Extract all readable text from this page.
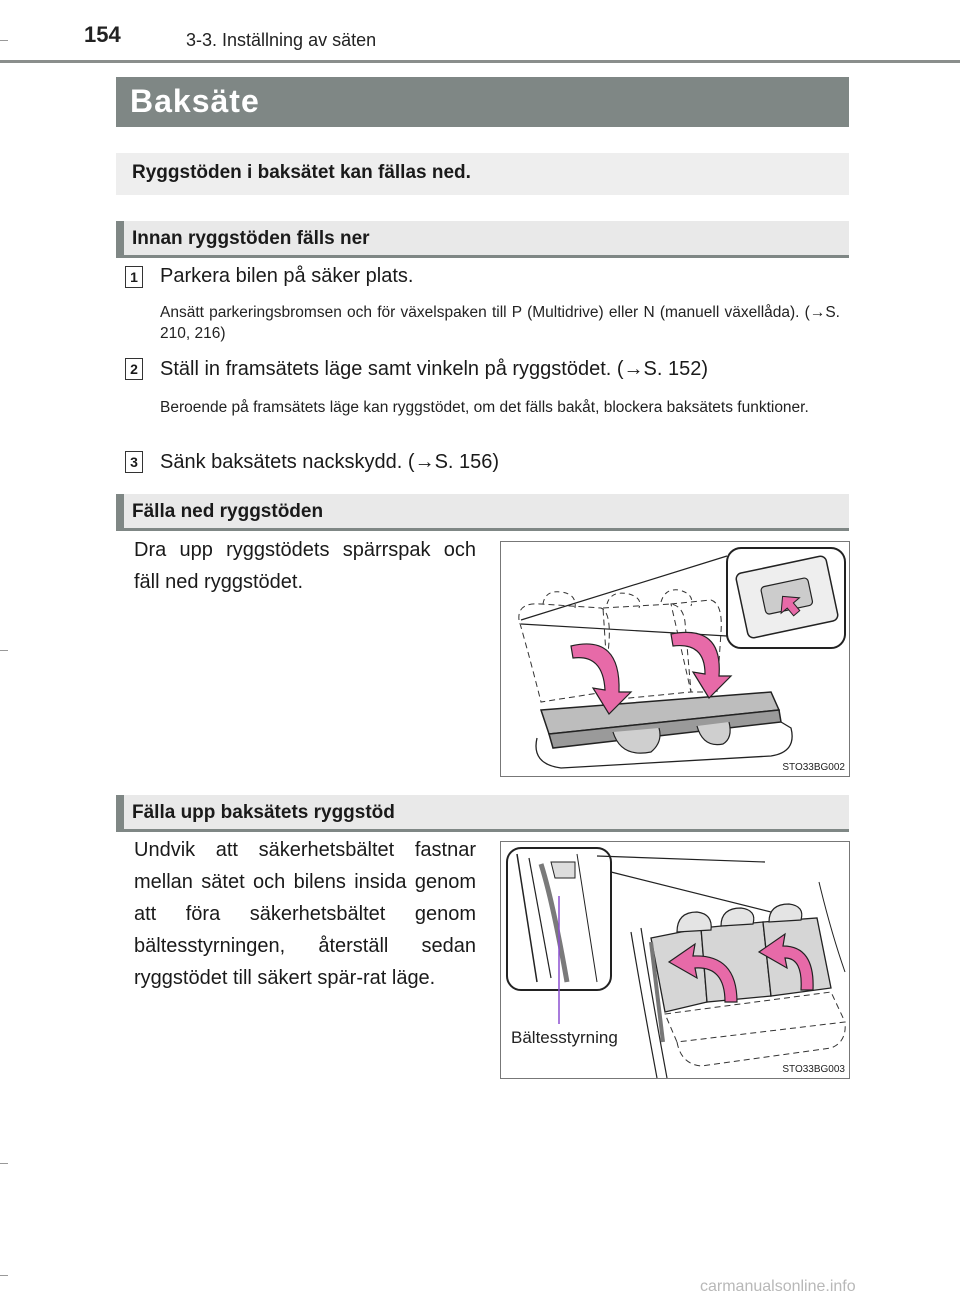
154	3-3. Inställning av säten
Baksäte
Ryggstöden i baksätet kan fällas ned.
Innan ryggstöden fälls ner
1 Parkera bilen på säker plats.
Ansätt parkeringsbromsen och för växelspaken till P (Multidrive) eller N (manuell växellåda). (→S. 210, 216)
2 Ställ in framsätets läge samt vinkeln på ryggstödet. (→S. 152)
Beroende på framsätets läge kan ryggstödet, om det fälls bakåt, blockera baksätets funktioner.
3 Sänk baksätets nackskydd. (→S. 156)
Fälla ned ryggstöden
Dra upp ryggstödets spärrspak och fäll ned ryggstödet.
STO33BG002
Fälla upp baksätets ryggstöd
Undvik att säkerhetsbältet fastnar mellan sätet och bilens insida genom att föra säkerhetsbältet genom bältesstyrningen, återställ sedan ryggstödet till säkert spär-rat läge.
Bältesstyrning
STO33BG003
carmanualsonline.info
